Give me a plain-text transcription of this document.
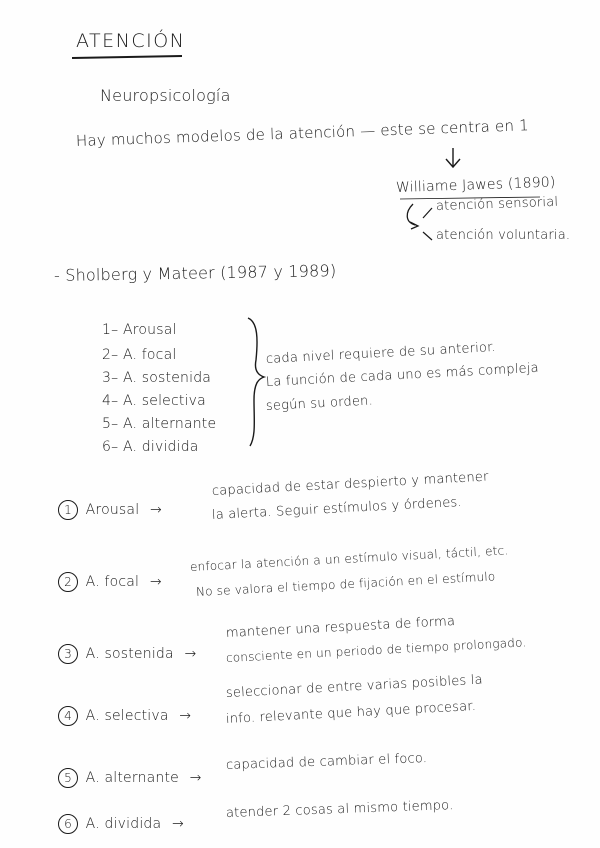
ATENCIÓN
Neuropsicología
Hay muchos modelos de la atención — este se centra en 1
Williame Jawes (1890)
atención sensorial
atención voluntaria.
- Sholberg y Mateer (1987 y 1989)
1– Arousal
2– A. focal
3– A. sostenida
4– A. selectiva
5– A. alternante
6– A. dividida
cada nivel requiere de su anterior.
La función de cada uno es más compleja
según su orden.
1 Arousal →
capacidad de estar despierto y mantener
la alerta. Seguir estímulos y órdenes.
2 A. focal →
enfocar la atención a un estímulo visual, táctil, etc.
No se valora el tiempo de fijación en el estímulo
3 A. sostenida →
mantener una respuesta de forma
consciente en un periodo de tiempo prolongado.
4 A. selectiva →
seleccionar de entre varias posibles la
info. relevante que hay que procesar.
5 A. alternante →
capacidad de cambiar el foco.
6 A. dividida →
atender 2 cosas al mismo tiempo.
